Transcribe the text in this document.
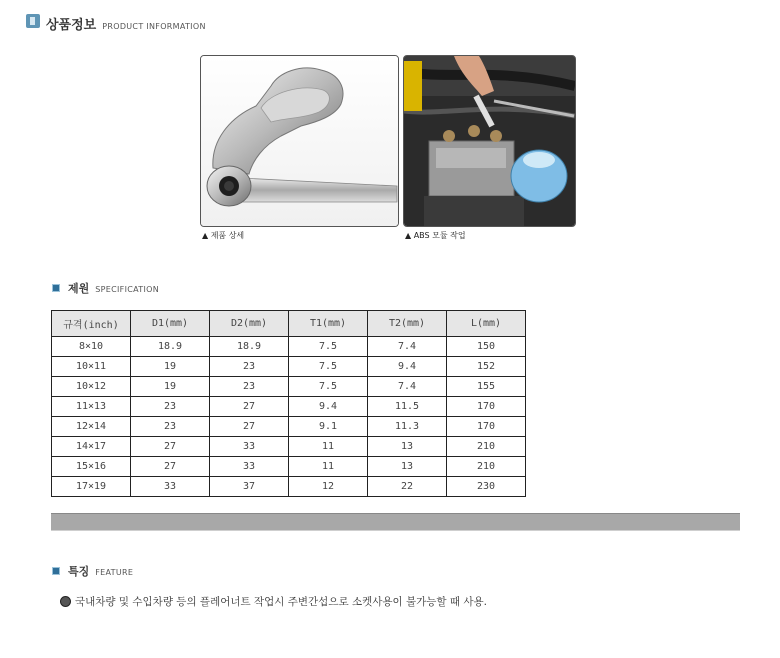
상품정보 PRODUCT INFORMATION
▲ 제품 상세	▲ ABS 모듈 작업
제원 SPECIFICATION
규격(inch)	D1(mm)	D2(mm)	T1(mm)	T2(mm)	L(mm)
8×10	18.9	18.9	7.5	7.4	150
10×11	19	23	7.5	9.4	152
10×12	19	23	7.5	7.4	155
11×13	23	27	9.4	11.5	170
12×14	23	27	9.1	11.3	170
14×17	27	33	11	13	210
15×16	27	33	11	13	210
17×19	33	37	12	22	230
특징 FEATURE
국내차량 및 수입차량 등의 플레어너트 작업시 주변간섭으로 소켓사용이 불가능할 때 사용.
